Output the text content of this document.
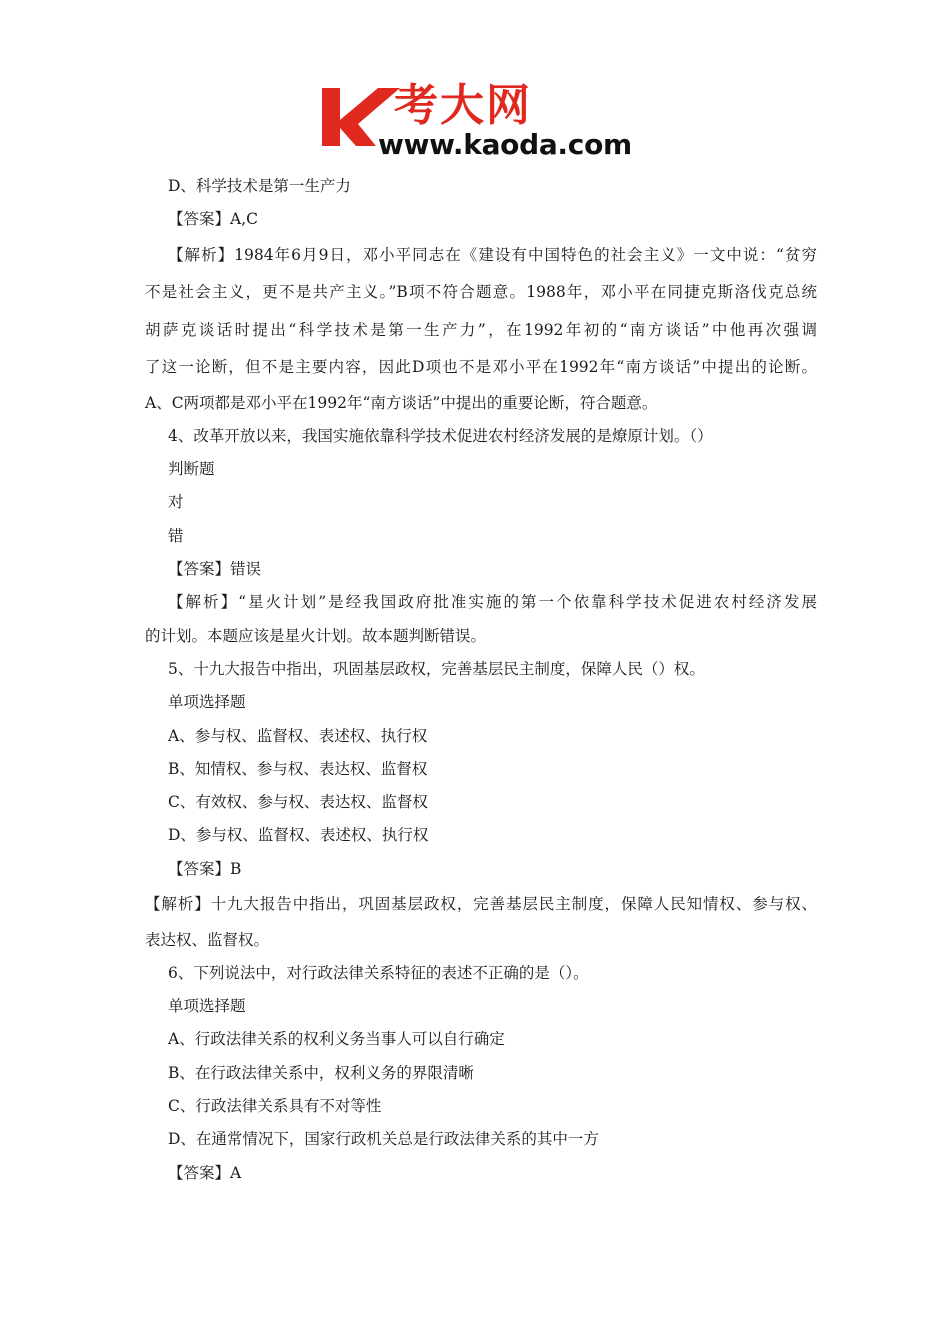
考大网
www.kaoda.com
D、科学技术是第一生产力
【答案】A,C
【解析】1984年6月9日，邓小平同志在《建设有中国特色的社会主义》一文中说：“贫穷
不是社会主义，更不是共产主义。”B项不符合题意。1988年，邓小平在同捷克斯洛伐克总统
胡萨克谈话时提出“科学技术是第一生产力”，在1992年初的“南方谈话”中他再次强调
了这一论断，但不是主要内容，因此D项也不是邓小平在1992年“南方谈话”中提出的论断。
A、C两项都是邓小平在1992年“南方谈话”中提出的重要论断，符合题意。
4、改革开放以来，我国实施依靠科学技术促进农村经济发展的是燎原计划。（）
判断题
对
错
【答案】错误
【解析】“星火计划”是经我国政府批准实施的第一个依靠科学技术促进农村经济发展
的计划。本题应该是星火计划。故本题判断错误。
5、十九大报告中指出，巩固基层政权，完善基层民主制度，保障人民（）权。
单项选择题
A、参与权、监督权、表述权、执行权
B、知情权、参与权、表达权、监督权
C、有效权、参与权、表达权、监督权
D、参与权、监督权、表述权、执行权
【答案】B
【解析】十九大报告中指出，巩固基层政权，完善基层民主制度，保障人民知情权、参与权、
表达权、监督权。
6、下列说法中，对行政法律关系特征的表述不正确的是（）。
单项选择题
A、行政法律关系的权利义务当事人可以自行确定
B、在行政法律关系中，权利义务的界限清晰
C、行政法律关系具有不对等性
D、在通常情况下，国家行政机关总是行政法律关系的其中一方
【答案】A
